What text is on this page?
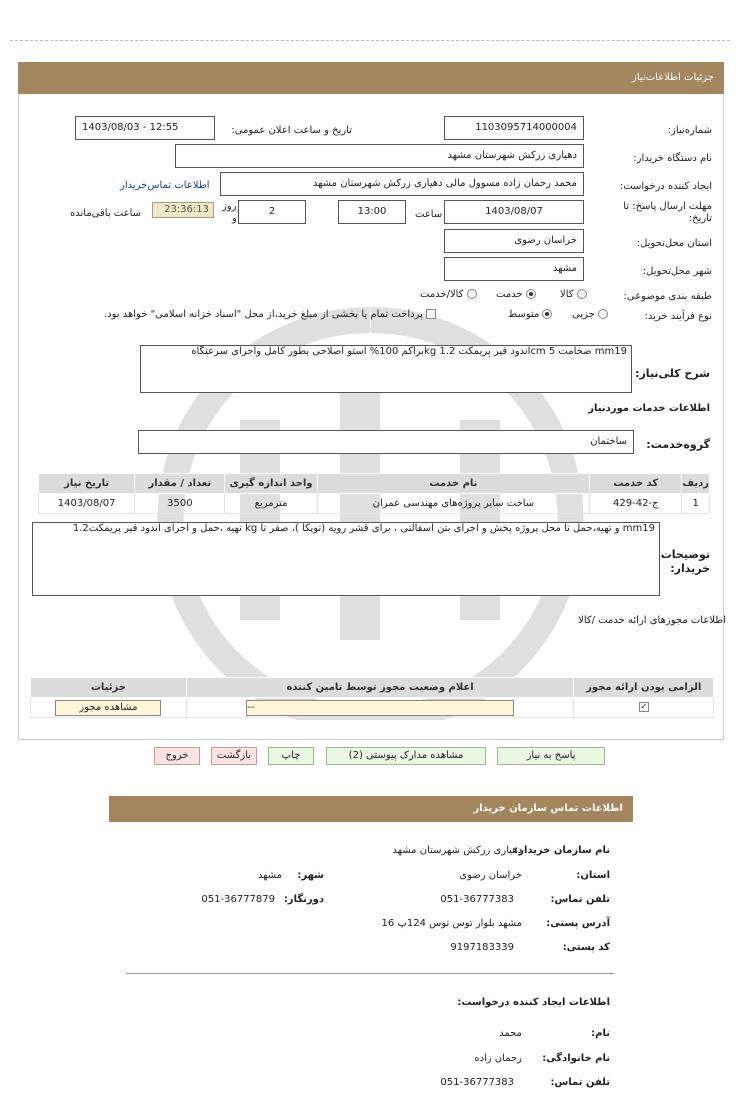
جزئیات اطلاعات‌نیاز
شماره‌نیاز:
1103095714000004
تاریخ و ساعت اعلان عمومی:
1403/08/03 - 12:55
نام دستگاه خریدار:
دهیاری زرکش شهرستان مشهد
ایجاد کننده درخواست:
محمد رحمان زاده مسوول مالی دهیاری زرکش شهرستان مشهد
اطلاعات تماس‌خریدار
مهلت ارسال پاسخ: تا
تاریخ:
1403/08/07
ساعت
13:00
2
روز
و
23:36:13
ساعت باقی‌مانده
استان محل‌تحویل:
خراسان رضوی
شهر محل‌تحویل:
مشهد
طبقه بندی موضوعی:
کالا
خدمت
کالا/خدمت
نوع فرآیند خرید:
جزیی
متوسط
پرداخت تمام یا بخشی از مبلغ خرید،از محل "اسناد خزانه اسلامی" خواهد بود.
شرح کلی‌نیاز:
mm19 ضخامت 5 cmاندود قیر پریمکت kg 1.2بزاکم 100% آستو اصلاحی بطور کامل واجرای سرعتگاه
اطلاعات خدمات موردنیاز
گروه‌خدمت:
ساختمان
ردیف	کد خدمت	نام خدمت	واحد اندازه گیری	تعداد / مقدار	تاریخ نیاز
1	ج-42-429	ساخت سایر پروژه‌های مهندسی عمران	مترمربع	3500	1403/08/07
توضیحات
خریدار:
mm19 و تهیه،حمل تا محل پروژه پخش و اجرای بتن آسفالتی ، برای قشر رویه (توپکا )، صفر تا kg تهیه ،حمل و اجرای اندود قیر پریمکت1.2
اطلاعات مجوزهای ارائه خدمت /کالا
الزامی بودن ارائه مجوز	اعلام وضعیت مجوز توسط تامین کننده	جزئیات
✓	--	مشاهده مجوز
پاسخ به نیاز
مشاهده مدارک پیوستی (2)
چاپ
بازگشت
خروج
اطلاعات تماس سازمان خریدار
نام سازمان خریدار:
دهیاری زرکش شهرستان مشهد
استان:
خراسان رضوی
شهر:
مشهد
تلفن تماس:
051-36777383
دورنگار:
051-36777879
آدرس پستی:
مشهد بلوار توس توس 124پ 16
کد پستی:
9197183339
اطلاعات ایجاد کننده درخواست:
نام:
محمد
نام خانوادگی:
رحمان زاده
تلفن تماس:
051-36777383
